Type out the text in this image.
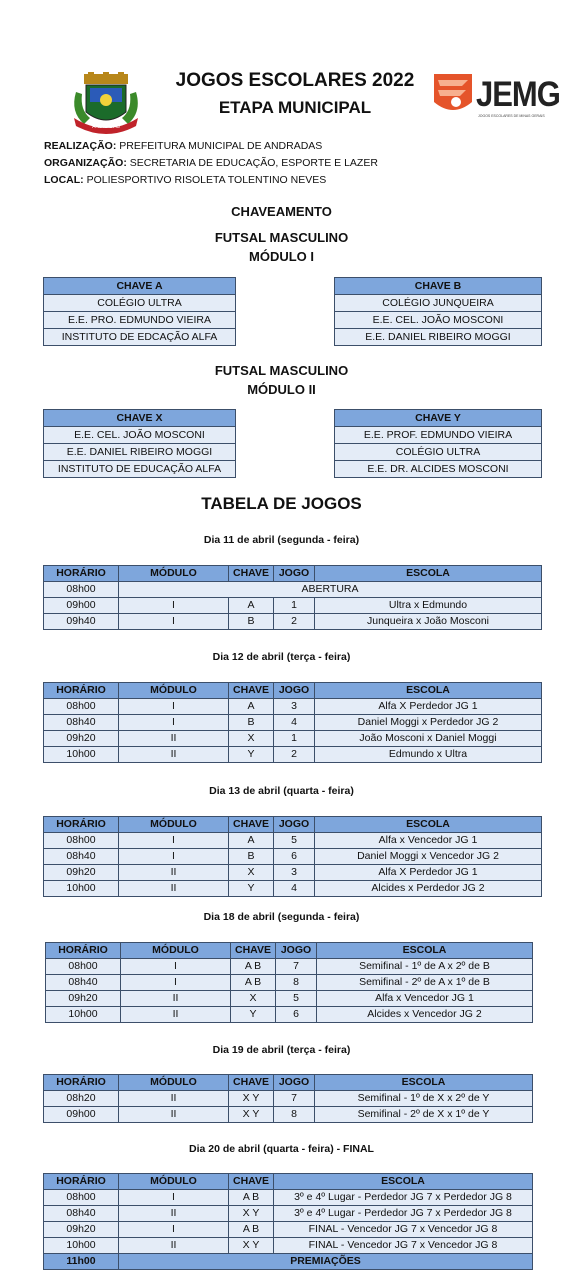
ANDRADAS
JOGOS ESCOLARES 2022
ETAPA MUNICIPAL	JEMG
JOGOS ESCOLARES DE MINAS GERAIS
REALIZAÇÃO: PREFEITURA MUNICIPAL DE ANDRADAS
ORGANIZAÇÃO: SECRETARIA DE EDUCAÇÃO, ESPORTE E LAZER
LOCAL: POLIESPORTIVO RISOLETA TOLENTINO NEVES
CHAVEAMENTO
FUTSAL MASCULINO
MÓDULO I
CHAVE A
COLÉGIO ULTRA
E.E. PRO. EDMUNDO VIEIRA
INSTITUTO DE EDCAÇÃO ALFA
CHAVE B
COLÉGIO JUNQUEIRA
E.E. CEL. JOÃO MOSCONI
E.E. DANIEL RIBEIRO MOGGI
FUTSAL MASCULINO
MÓDULO II
CHAVE X
E.E. CEL. JOÃO MOSCONI
E.E. DANIEL RIBEIRO MOGGI
INSTITUTO DE EDUCAÇÃO ALFA
CHAVE Y
E.E. PROF. EDMUNDO VIEIRA
COLÉGIO ULTRA
E.E. DR. ALCIDES MOSCONI
TABELA DE JOGOS
Dia 11 de abril (segunda - feira)
HORÁRIO	MÓDULO	CHAVE	JOGO	ESCOLA
08h00	ABERTURA			
09h00	I	A	1	Ultra x Edmundo
09h40	I	B	2	Junqueira x João Mosconi
Dia 12 de abril (terça - feira)
HORÁRIO	MÓDULO	CHAVE	JOGO	ESCOLA
08h00	I	A	3	Alfa X Perdedor JG 1
08h40	I	B	4	Daniel Moggi x Perdedor JG 2
09h20	II	X	1	João Mosconi x Daniel Moggi
10h00	II	Y	2	Edmundo x Ultra
Dia 13 de abril (quarta - feira)
HORÁRIO	MÓDULO	CHAVE	JOGO	ESCOLA
08h00	I	A	5	Alfa x Vencedor JG 1
08h40	I	B	6	Daniel Moggi x Vencedor JG 2
09h20	II	X	3	Alfa X Perdedor JG 1
10h00	II	Y	4	Alcides x Perdedor JG 2
Dia 18 de abril (segunda - feira)
HORÁRIO	MÓDULO	CHAVE	JOGO	ESCOLA
08h00	I	A B	7	Semifinal - 1º de A x 2º de B
08h40	I	A B	8	Semifinal - 2º de A x 1º de B
09h20	II	X	5	Alfa x Vencedor JG 1
10h00	II	Y	6	Alcides x Vencedor JG 2
Dia 19 de abril (terça - feira)
HORÁRIO	MÓDULO	CHAVE	JOGO	ESCOLA
08h20	II	X Y	7	Semifinal - 1º de X x 2º de Y
09h00	II	X Y	8	Semifinal - 2º de X x 1º de Y
Dia 20 de abril (quarta - feira) - FINAL
HORÁRIO	MÓDULO	CHAVE	ESCOLA
08h00	I	A B	3º e 4º Lugar - Perdedor JG 7 x Perdedor JG 8
08h40	II	X Y	3º e 4º Lugar - Perdedor JG 7 x Perdedor JG 8
09h20	I	A B	FINAL - Vencedor JG 7 x Vencedor JG 8
10h00	II	X Y	FINAL - Vencedor JG 7 x Vencedor JG 8
11h00	PREMIAÇÕES		
